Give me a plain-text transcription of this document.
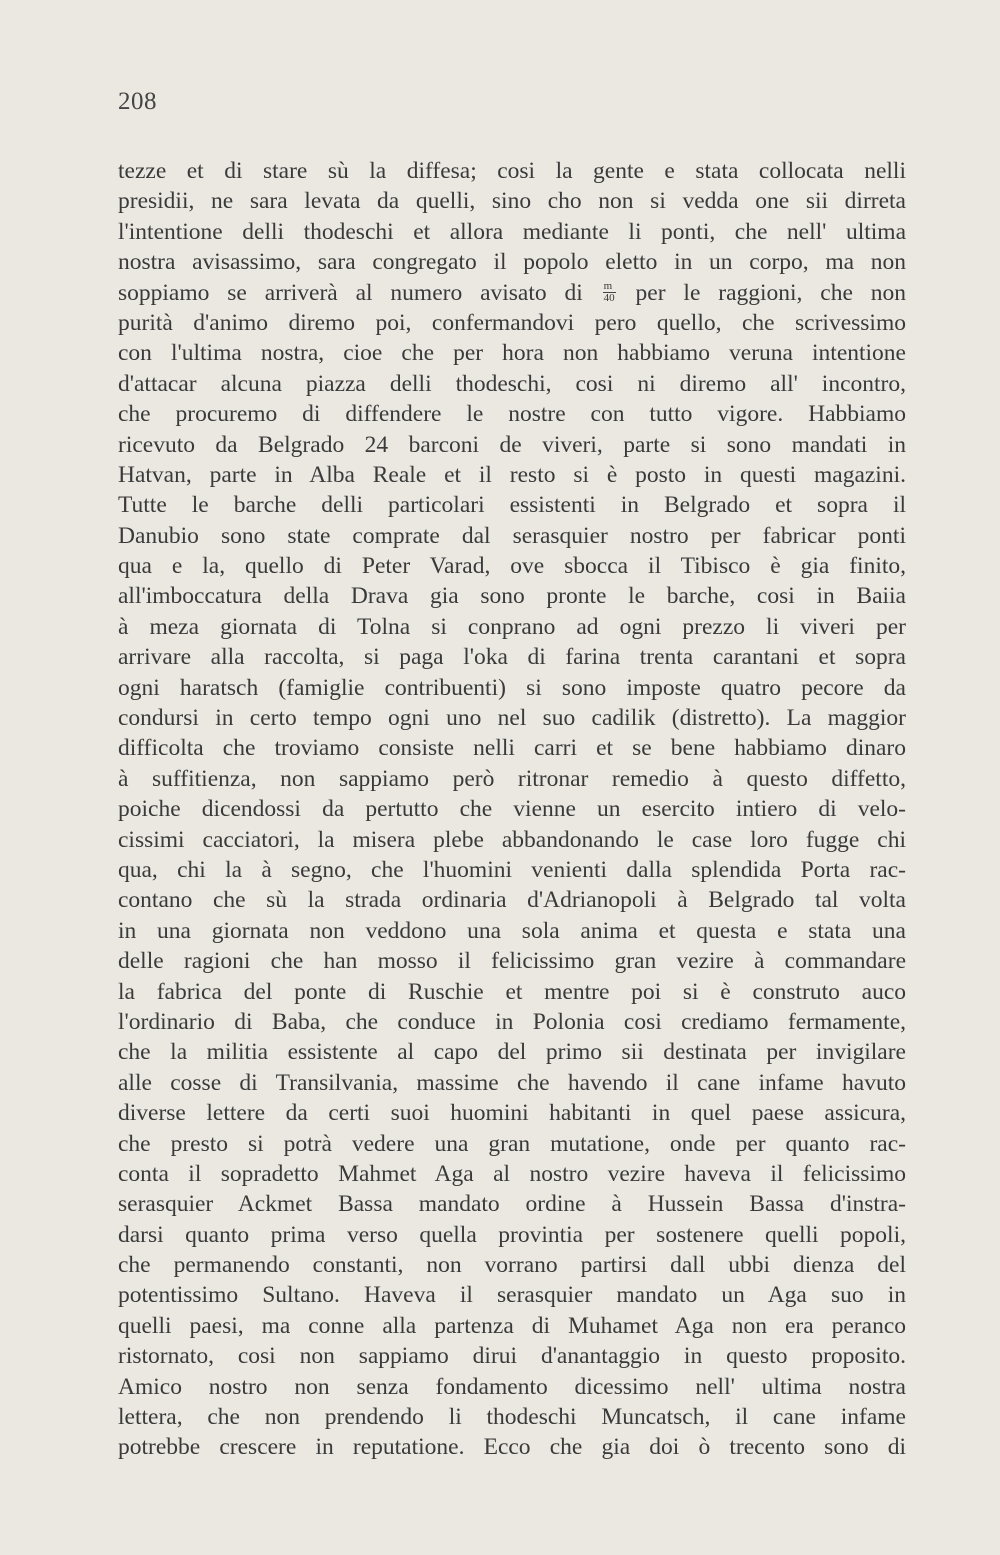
208
tezze et di stare sù la diffesa; cosi la gente e stata collocata nelli
presidii, ne sara levata da quelli, sino cho non si vedda one sii dirreta
l'intentione delli thodeschi et allora mediante li ponti, che nell' ultima
nostra avisassimo, sara congregato il popolo eletto in un corpo, ma non
soppiamo se arriverà al numero avisato di $\frac{m}{40}$ per le raggioni, che non
purità d'animo diremo poi, confermandovi pero quello, che scrivessimo
con l'ultima nostra, cioe che per hora non habbiamo veruna intentione
d'attacar alcuna piazza delli thodeschi, cosi ni diremo all' incontro,
che procuremo di diffendere le nostre con tutto vigore. Habbiamo
ricevuto da Belgrado 24 barconi de viveri, parte si sono mandati in
Hatvan, parte in Alba Reale et il resto si è posto in questi magazini.
Tutte le barche delli particolari essistenti in Belgrado et sopra il
Danubio sono state comprate dal serasquier nostro per fabricar ponti
qua e la, quello di Peter Varad, ove sbocca il Tibisco è gia finito,
all'imboccatura della Drava gia sono pronte le barche, cosi in Baiia
à meza giornata di Tolna si conprano ad ogni prezzo li viveri per
arrivare alla raccolta, si paga l'oka di farina trenta carantani et sopra
ogni haratsch (famiglie contribuenti) si sono imposte quatro pecore da
condursi in certo tempo ogni uno nel suo cadilik (distretto). La maggior
difficolta che troviamo consiste nelli carri et se bene habbiamo dinaro
à suffitienza, non sappiamo però ritronar remedio à questo diffetto,
poiche dicendossi da pertutto che vienne un esercito intiero di velo-
cissimi cacciatori, la misera plebe abbandonando le case loro fugge chi
qua, chi la à segno, che l'huomini venienti dalla splendida Porta rac-
contano che sù la strada ordinaria d'Adrianopoli à Belgrado tal volta
in una giornata non veddono una sola anima et questa e stata una
delle ragioni che han mosso il felicissimo gran vezire à commandare
la fabrica del ponte di Ruschie et mentre poi si è construto auco
l'ordinario di Baba, che conduce in Polonia cosi crediamo fermamente,
che la militia essistente al capo del primo sii destinata per invigilare
alle cosse di Transilvania, massime che havendo il cane infame havuto
diverse lettere da certi suoi huomini habitanti in quel paese assicura,
che presto si potrà vedere una gran mutatione, onde per quanto rac-
conta il sopradetto Mahmet Aga al nostro vezire haveva il felicissimo
serasquier Ackmet Bassa mandato ordine à Hussein Bassa d'instra-
darsi quanto prima verso quella provintia per sostenere quelli popoli,
che permanendo constanti, non vorrano partirsi dall ubbi dienza del
potentissimo Sultano. Haveva il serasquier mandato un Aga suo in
quelli paesi, ma conne alla partenza di Muhamet Aga non era peranco
ristornato, cosi non sappiamo dirui d'anantaggio in questo proposito.
Amico nostro non senza fondamento dicessimo nell' ultima nostra
lettera, che non prendendo li thodeschi Muncatsch, il cane infame
potrebbe crescere in reputatione. Ecco che gia doi ò trecento sono di
